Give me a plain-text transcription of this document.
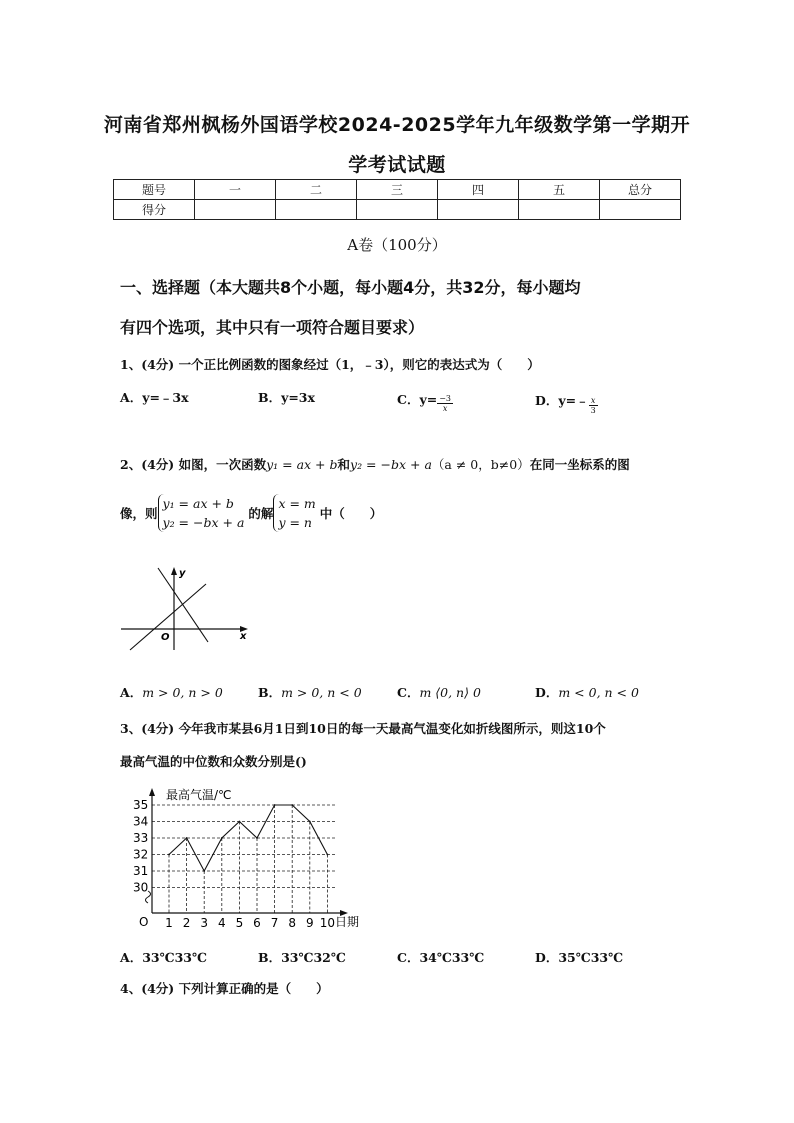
河南省郑州枫杨外国语学校2024-2025学年九年级数学第一学期开
学考试试题
题号	一	二	三	四	五	总分
得分						
A卷（100分）
一、选择题（本大题共8个小题，每小题4分，共32分，每小题均
有四个选项，其中只有一项符合题目要求）
1、(4分) 一个正比例函数的图象经过（1，﹣3），则它的表达式为（　　）
A．y=﹣3x	B．y=3x	C．$y= \frac{-3}{x}$	D．y=﹣ $\frac{x}{3}$
2、(4分) 如图，一次函数y₁ = ax + b和y₂ = −bx + a（a ≠ 0，b≠0）在同一坐标系的图
像，则
y₁ = ax + b
y₂ = −bx + a
的解
x = m
y = n
中（　　）
y
x
O
A．m > 0, n > 0	B．m > 0, n < 0	C．m ⟨0, n⟩ 0	D．m < 0, n < 0
3、(4分) 今年我市某县6月1日到10日的每一天最高气温变化如折线图所示，则这10个
最高气温的中位数和众数分别是()
30
31
32
33
34
35
1 2 3 4 5 6 7 8 9 10
最高气温/℃
日期
O
A．33℃33℃	B．33℃32℃	C．34℃33℃	D．35℃33℃
4、(4分) 下列计算正确的是（　　）
